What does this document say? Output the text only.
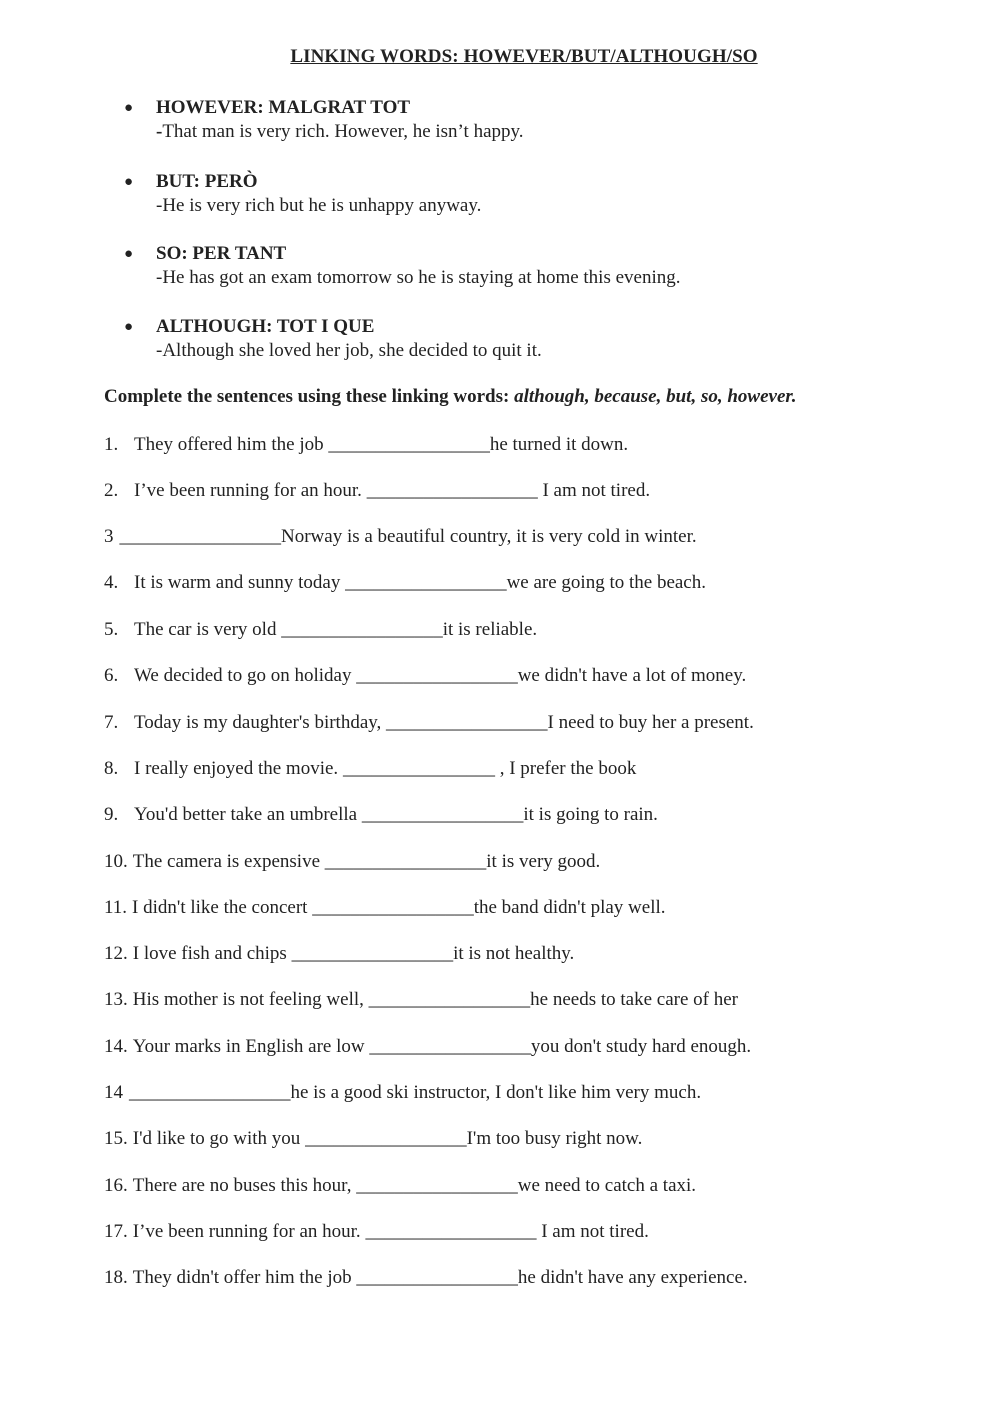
LINKING WORDS: HOWEVER/BUT/ALTHOUGH/SO
● HOWEVER: MALGRAT TOT
-That man is very rich. However, he isn’t happy.
● BUT: PERÒ
-He is very rich but he is unhappy anyway.
● SO: PER TANT
-He has got an exam tomorrow so he is staying at home this evening.
● ALTHOUGH: TOT I QUE
-Although she loved her job, she decided to quit it.
Complete the sentences using these linking words: although, because, but, so, however.
1. They offered him the job _________________he turned it down.
2. I’ve been running for an hour. __________________ I am not tired.
3 _________________Norway is a beautiful country, it is very cold in winter.
4. It is warm and sunny today _________________we are going to the beach.
5. The car is very old _________________it is reliable.
6. We decided to go on holiday _________________we didn't have a lot of money.
7. Today is my daughter's birthday, _________________I need to buy her a present.
8. I really enjoyed the movie. ________________ , I prefer the book
9. You'd better take an umbrella _________________it is going to rain.
10. The camera is expensive _________________it is very good.
11. I didn't like the concert _________________the band didn't play well.
12. I love fish and chips _________________it is not healthy.
13. His mother is not feeling well, _________________he needs to take care of her
14. Your marks in English are low _________________you don't study hard enough.
14 _________________he is a good ski instructor, I don't like him very much.
15. I'd like to go with you _________________I'm too busy right now.
16. There are no buses this hour, _________________we need to catch a taxi.
17. I’ve been running for an hour. __________________ I am not tired.
18. They didn't offer him the job _________________he didn't have any experience.
